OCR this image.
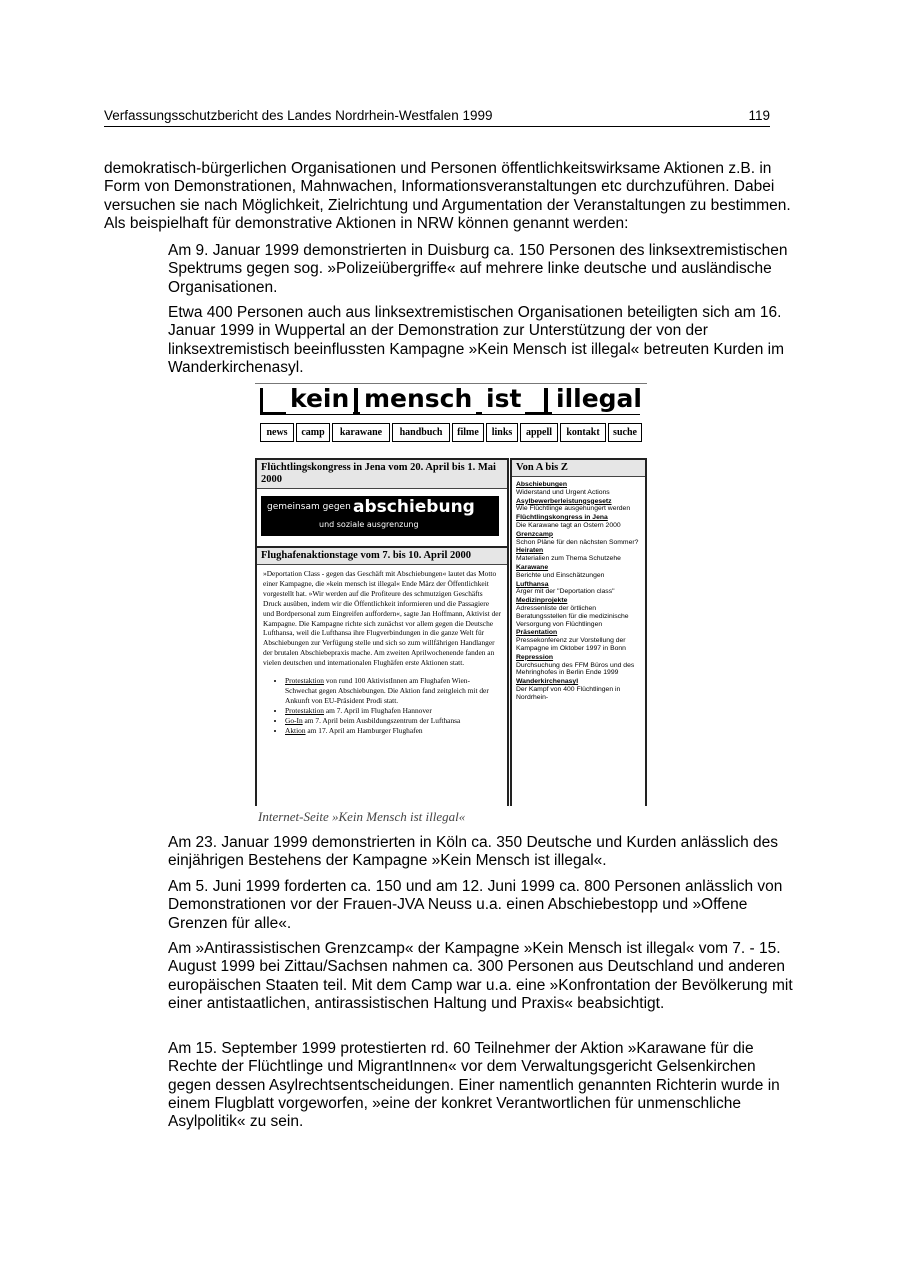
Verfassungsschutzbericht des Landes Nordrhein-Westfalen 1999	119

demokratisch-bürgerlichen Organisationen und Personen öffentlichkeitswirksame Aktionen z.B. in Form von Demonstrationen, Mahnwachen, Informationsveranstaltungen etc durchzuführen. Dabei versuchen sie nach Möglichkeit, Zielrichtung und Argumentation der Veranstaltungen zu bestimmen. Als beispielhaft für demonstrative Aktionen in NRW können genannt werden:

Am 9. Januar 1999 demonstrierten in Duisburg ca. 150 Personen des linksextremistischen Spektrums gegen sog. »Polizeiübergriffe« auf mehrere linke deutsche und ausländische Organisationen.

Etwa 400 Personen auch aus linksextremistischen Organisationen beteiligten sich am 16. Januar 1999 in Wuppertal an der Demonstration zur Unterstützung der von der linksextremistisch beeinflussten Kampagne »Kein Mensch ist illegal« betreuten Kurden im Wanderkirchenasyl.

kein mensch ist illegal
news	camp	karawane	handbuch	filme	links	appell	kontakt	suche
Flüchtlingskongress in Jena vom 20. April bis 1. Mai 2000
gemeinsam gegen abschiebung
und soziale ausgrenzung
Von A bis Z
Abschiebungen
Widerstand und Urgent Actions
Asylbewerberleistungsgesetz
Wie Flüchtlinge ausgehungert werden
Flüchtlingskongress in Jena
Die Karawane tagt an Ostern 2000
Grenzcamp
Schon Pläne für den nächsten Sommer?
Heiraten
Materialien zum Thema Schutzehe
Karawane
Berichte und Einschätzungen
Lufthansa
Ärger mit der "Deportation class"
Medizinprojekte
Adressenliste der örtlichen Beratungsstellen für die medizinische Versorgung von Flüchtlingen
Präsentation
Pressekonferenz zur Vorstellung der Kampagne im Oktober 1997 in Bonn
Repression
Durchsuchung des FFM Büros und des Mehringhofes in Berlin Ende 1999
Wanderkirchenasyl
Der Kampf von 400 Flüchtlingen in Nordrhein-
Flughafenaktionstage vom 7. bis 10. April 2000
»Deportation Class - gegen das Geschäft mit Abschiebungen« lautet das Motto einer Kampagne, die »kein mensch ist illegal« Ende März der Öffentlichkeit vorgestellt hat. »Wir werden auf die Profiteure des schmutzigen Geschäfts Druck ausüben, indem wir die Öffentlichkeit informieren und die Passagiere und Bordpersonal zum Eingreifen auffordern«, sagte Jan Hoffmann, Aktivist der Kampagne. Die Kampagne richte sich zunächst vor allem gegen die Deutsche Lufthansa, weil die Lufthansa ihre Flugverbindungen in die ganze Welt für Abschiebungen zur Verfügung stelle und sich so zum willfährigen Handlanger der brutalen Abschiebepraxis mache. Am zweiten Aprilwochenende fanden an vielen deutschen und internationalen Flughäfen erste Aktionen statt.
• Protestaktion von rund 100 AktivistInnen am Flughafen Wien-Schwechat gegen Abschiebungen. Die Aktion fand zeitgleich mit der Ankunft von EU-Präsident Prodi statt.
• Protestaktion am 7. April im Flughafen Hannover
• Go-In am 7. April beim Ausbildungszentrum der Lufthansa
• Aktion am 17. April am Hamburger Flughafen
Internet-Seite »Kein Mensch ist illegal«

Am 23. Januar 1999 demonstrierten in Köln ca. 350 Deutsche und Kurden anlässlich des einjährigen Bestehens der Kampagne »Kein Mensch ist illegal«.

Am 5. Juni 1999 forderten ca. 150 und am 12. Juni 1999 ca. 800 Personen anlässlich von Demonstrationen vor der Frauen-JVA Neuss u.a. einen Abschiebestopp und »Offene Grenzen für alle«.

Am »Antirassistischen Grenzcamp« der Kampagne »Kein Mensch ist illegal« vom 7. - 15. August 1999 bei Zittau/Sachsen nahmen ca. 300 Personen aus Deutschland und anderen europäischen Staaten teil. Mit dem Camp war u.a. eine »Konfrontation der Bevölkerung mit einer antistaatlichen, antirassistischen Haltung und Praxis« beabsichtigt.

Am 15. September 1999 protestierten rd. 60 Teilnehmer der Aktion »Karawane für die Rechte der Flüchtlinge und MigrantInnen« vor dem Verwaltungsgericht Gelsenkirchen gegen dessen Asylrechtsentscheidungen. Einer namentlich genannten Richterin wurde in einem Flugblatt vorgeworfen, »eine der konkret Verantwortlichen für unmenschliche Asylpolitik« zu sein.
